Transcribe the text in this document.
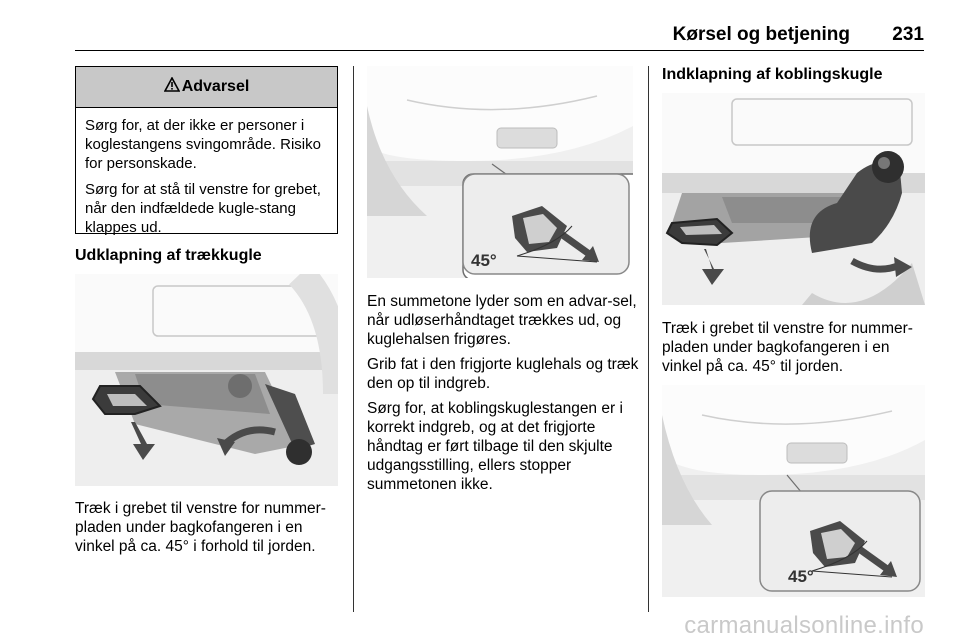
Kørsel og betjening 231
Advarsel

Sørg for, at der ikke er personer i koglestangens svingområde. Risiko for personskade.

Sørg for at stå til venstre for grebet, når den indfældede kugle-stang klappes ud.

Udklapning af trækkugle

Træk i grebet til venstre for nummer-pladen under bagkofangeren i en vinkel på ca. 45° i forhold til jorden.

45°

En summetone lyder som en advar-sel, når udløserhåndtaget trækkes ud, og kuglehalsen frigøres.

Grib fat i den frigjorte kuglehals og træk den op til indgreb.

Sørg for, at koblingskuglestangen er i korrekt indgreb, og at det frigjorte håndtag er ført tilbage til den skjulte udgangsstilling, ellers stopper summetonen ikke.

Indklapning af koblingskugle

Træk i grebet til venstre for nummer-pladen under bagkofangeren i en vinkel på ca. 45° til jorden.

45°
carmanualsonline.info
